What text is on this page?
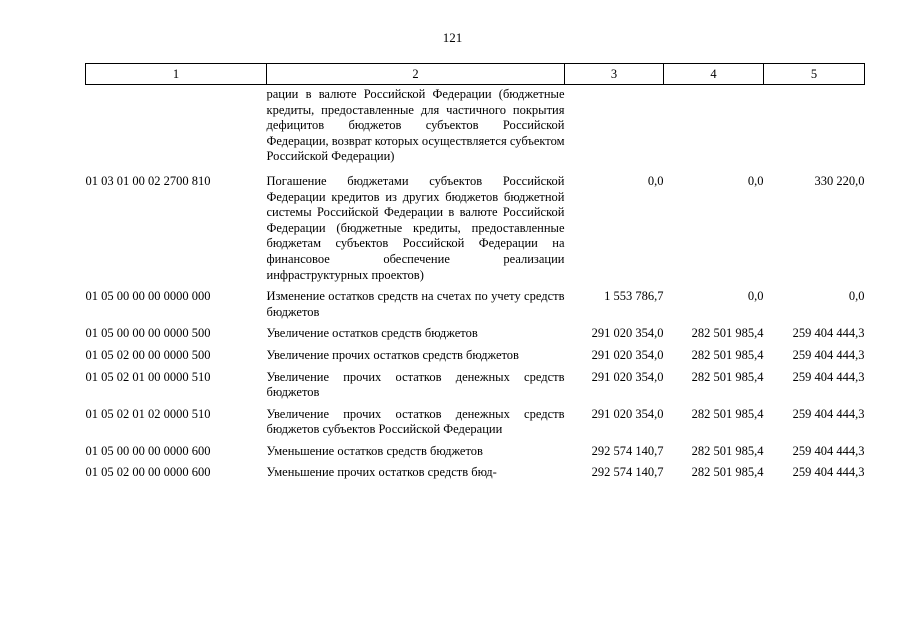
121
1	2	3	4	5
	рации в валюте Российской Федерации (бюджетные кредиты, предоставленные для частичного покрытия дефицитов бюджетов субъектов Российской Федерации, возврат которых осуществляется субъектом Российской Федерации)			
01 03 01 00 02 2700 810	Погашение бюджетами субъектов Российской Федерации кредитов из других бюджетов бюджетной системы Российской Федерации в валюте Российской Федерации (бюджетные кредиты, предоставленные бюджетам субъектов Российской Федерации на финансовое обеспечение реализации инфраструктурных проектов)	0,0	0,0	330 220,0
01 05 00 00 00 0000 000	Изменение остатков средств на счетах по учету средств бюджетов	1 553 786,7	0,0	0,0
01 05 00 00 00 0000 500	Увеличение остатков средств бюджетов	291 020 354,0	282 501 985,4	259 404 444,3
01 05 02 00 00 0000 500	Увеличение прочих остатков средств бюджетов	291 020 354,0	282 501 985,4	259 404 444,3
01 05 02 01 00 0000 510	Увеличение прочих остатков денежных средств бюджетов	291 020 354,0	282 501 985,4	259 404 444,3
01 05 02 01 02 0000 510	Увеличение прочих остатков денежных средств бюджетов субъектов Российской Федерации	291 020 354,0	282 501 985,4	259 404 444,3
01 05 00 00 00 0000 600	Уменьшение остатков средств бюджетов	292 574 140,7	282 501 985,4	259 404 444,3
01 05 02 00 00 0000 600	Уменьшение прочих остатков средств бюд-	292 574 140,7	282 501 985,4	259 404 444,3
